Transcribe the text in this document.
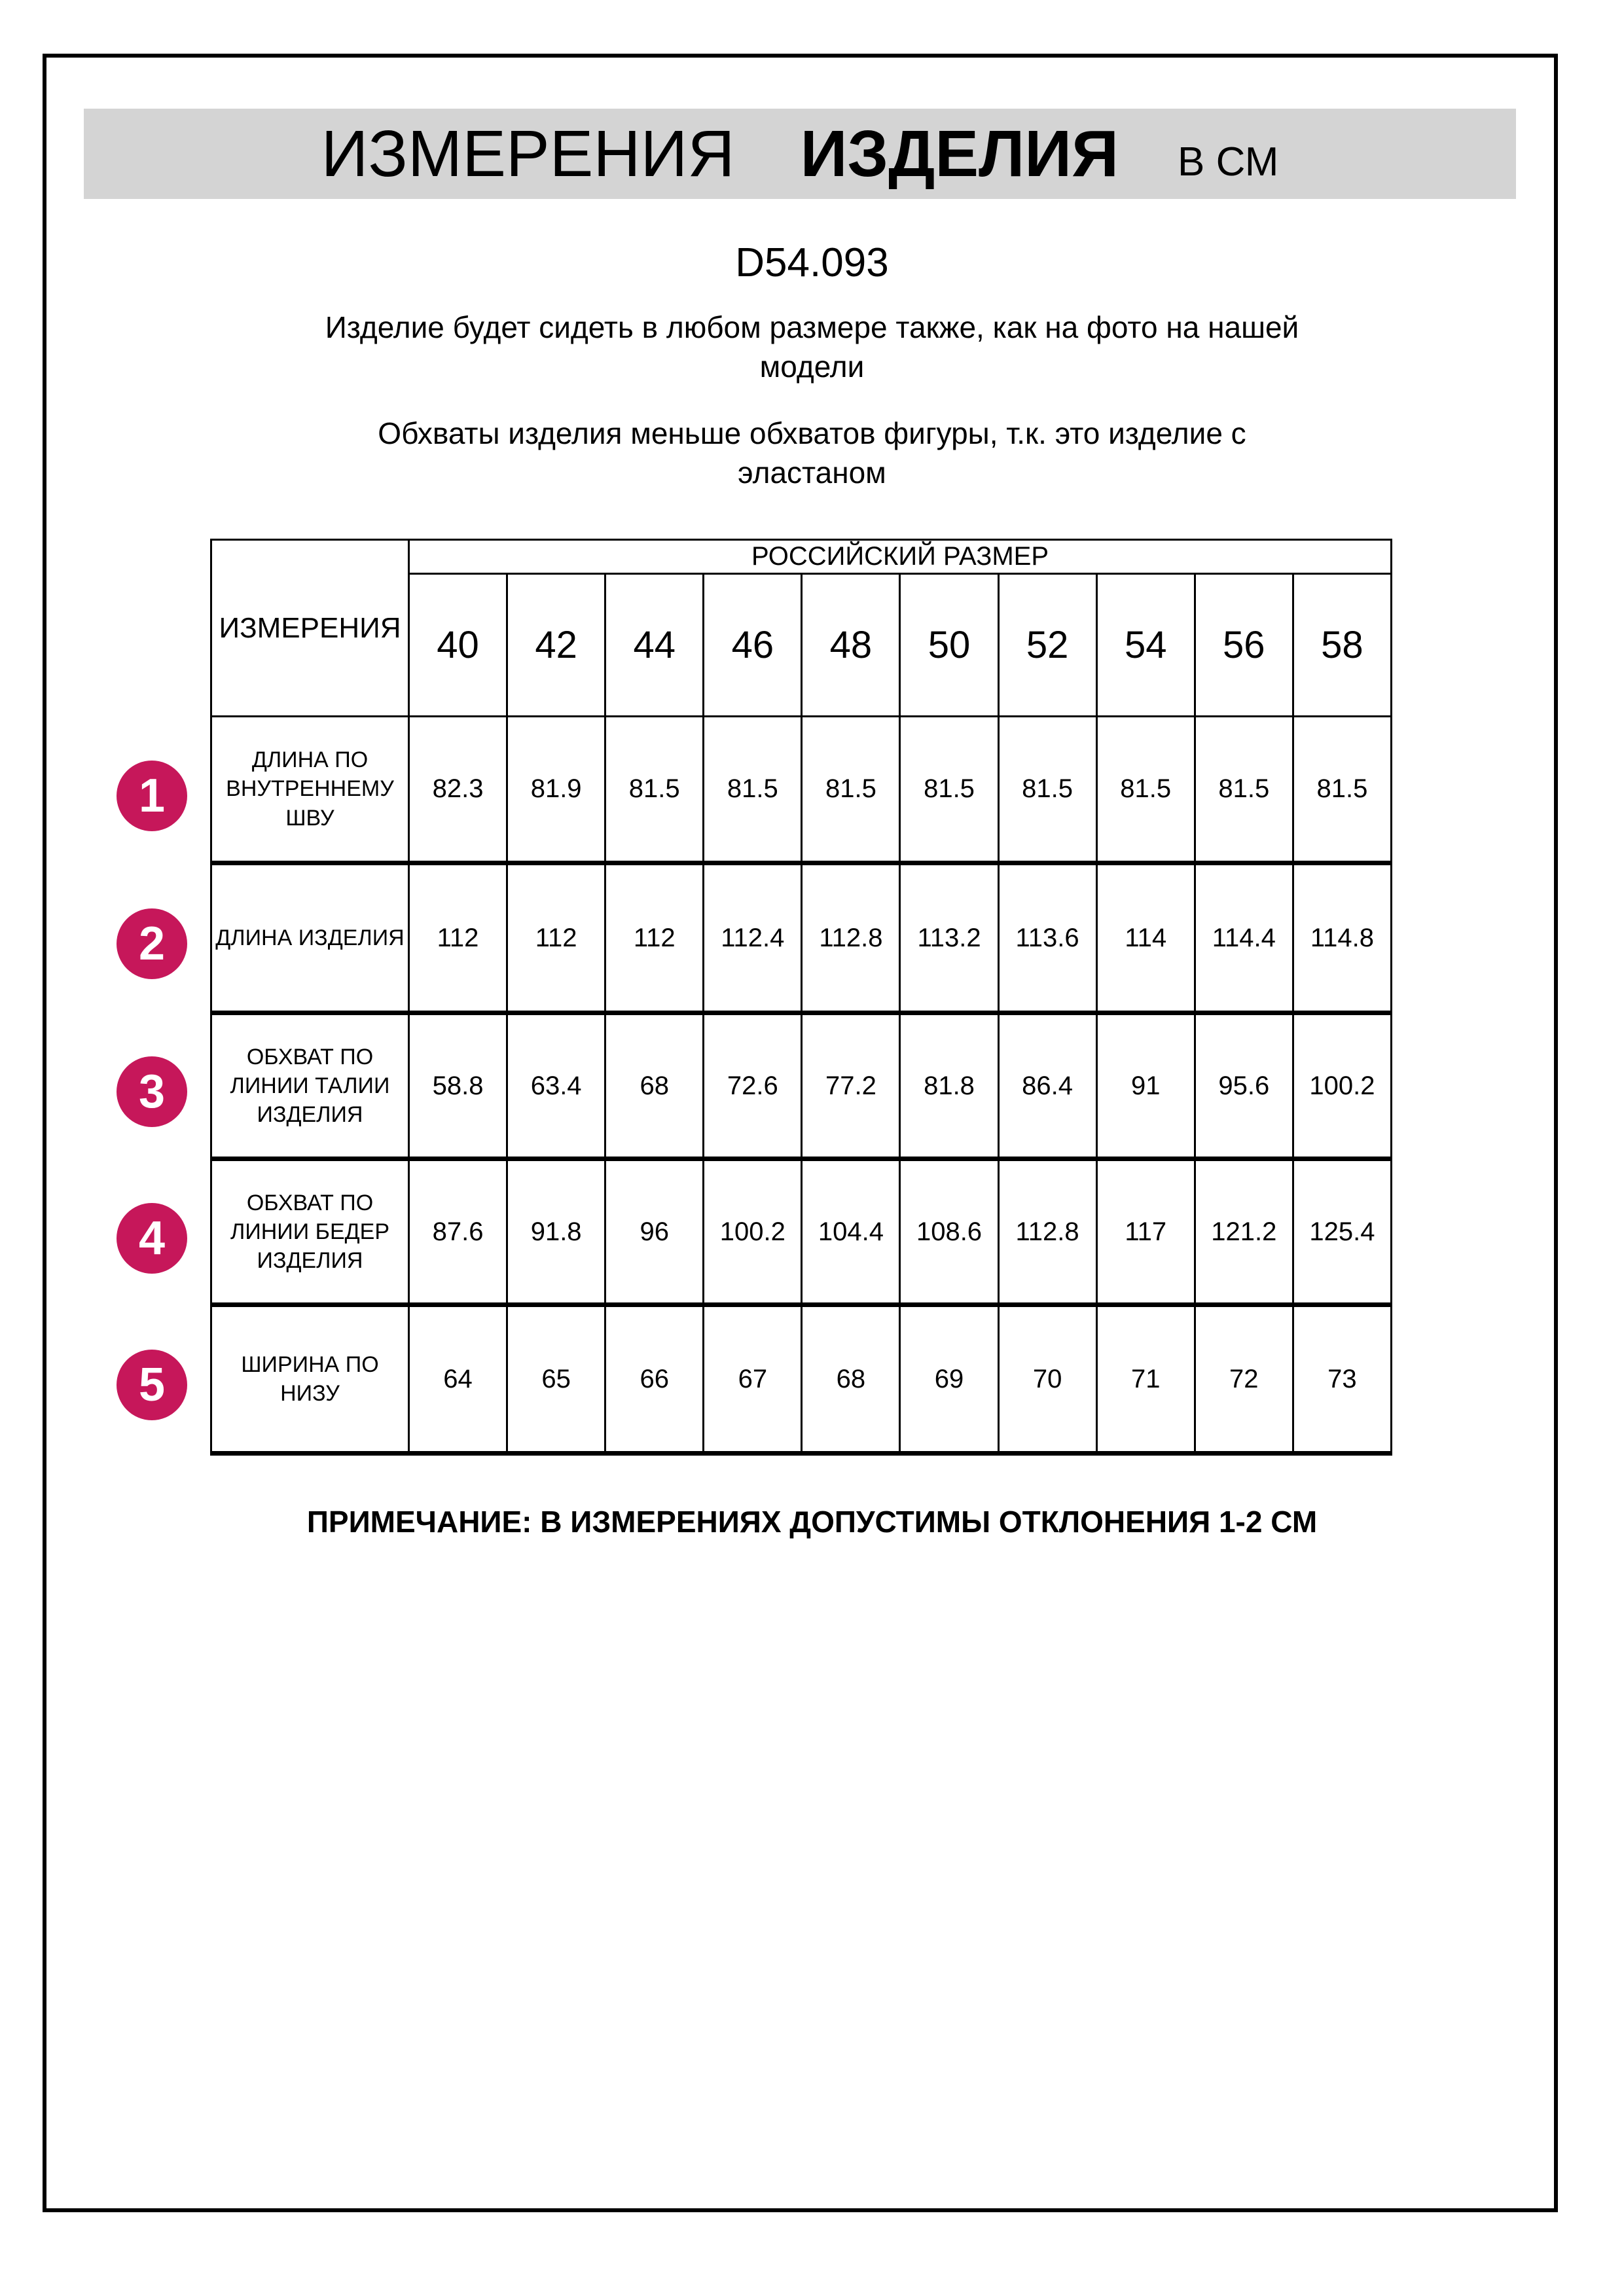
ИЗМЕРЕНИЯ ИЗДЕЛИЯ В СМ
D54.093
Изделие будет сидеть в любом размере также, как на фото на нашей
модели
Обхваты изделия меньше обхватов фигуры, т.к. это изделие с
эластаном
ИЗМЕРЕНИЯ	РОССИЙСКИЙ РАЗМЕР									
	40	42	44	46	48	50	52	54	56	58
ДЛИНА ПО ВНУТРЕННЕМУ ШВУ	82.3	81.9	81.5	81.5	81.5	81.5	81.5	81.5	81.5	81.5
ДЛИНА ИЗДЕЛИЯ	112	112	112	112.4	112.8	113.2	113.6	114	114.4	114.8
ОБХВАТ ПО ЛИНИИ ТАЛИИ ИЗДЕЛИЯ	58.8	63.4	68	72.6	77.2	81.8	86.4	91	95.6	100.2
ОБХВАТ ПО ЛИНИИ БЕДЕР ИЗДЕЛИЯ	87.6	91.8	96	100.2	104.4	108.6	112.8	117	121.2	125.4
ШИРИНА ПО НИЗУ	64	65	66	67	68	69	70	71	72	73
1
2
3
4
5
ПРИМЕЧАНИЕ: В ИЗМЕРЕНИЯХ ДОПУСТИМЫ ОТКЛОНЕНИЯ 1-2 СМ
